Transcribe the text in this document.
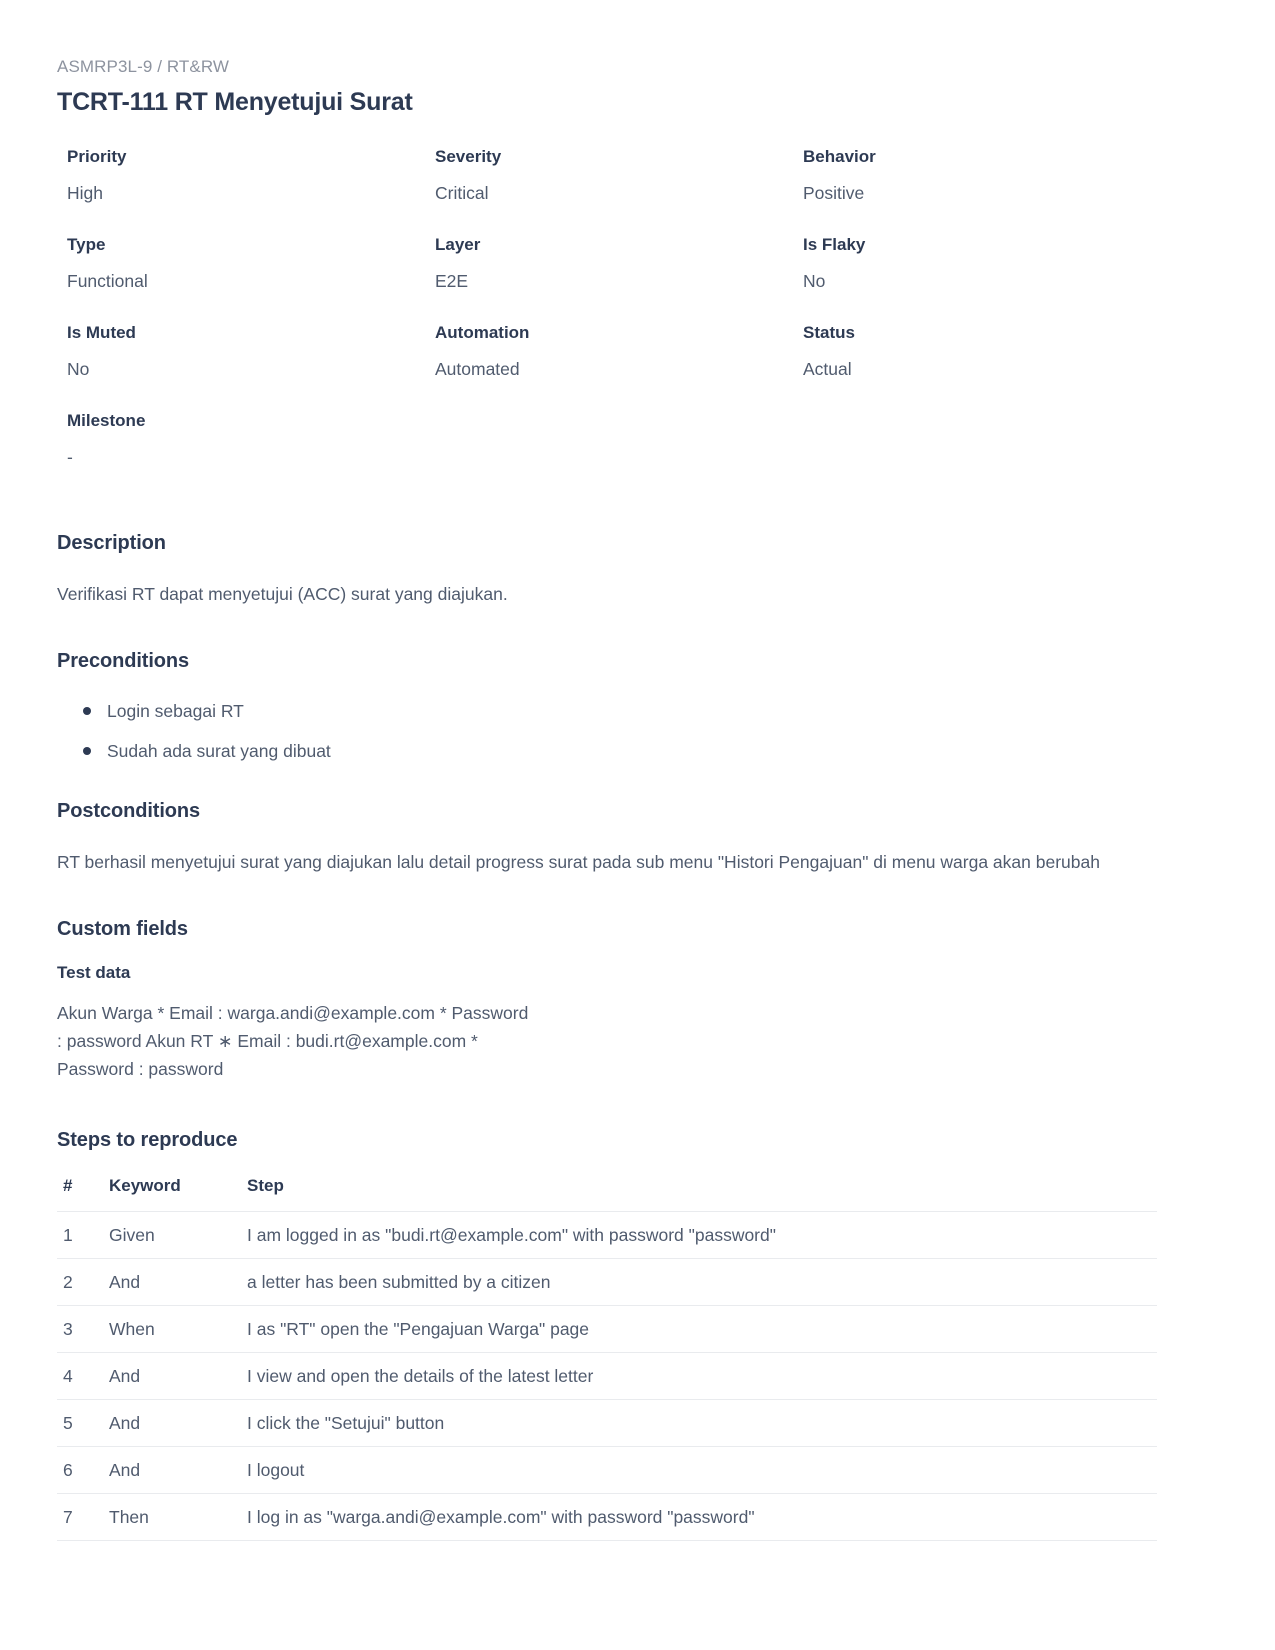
ASMRP3L-9 / RT&RW
TCRT-111 RT Menyetujui Surat
Priority
High
Severity
Critical
Behavior
Positive
Type
Functional
Layer
E2E
Is Flaky
No
Is Muted
No
Automation
Automated
Status
Actual
Milestone
-
Description
Verifikasi RT dapat menyetujui (ACC) surat yang diajukan.
Preconditions
Login sebagai RT
Sudah ada surat yang dibuat
Postconditions
RT berhasil menyetujui surat yang diajukan lalu detail progress surat pada sub menu "Histori Pengajuan" di menu warga akan berubah
Custom fields
Test data
Akun Warga * Email : warga.andi@example.com * Password
: password Akun RT ∗ Email : budi.rt@example.com *
Password : password
Steps to reproduce
#	Keyword	Step
1	Given	I am logged in as "budi.rt@example.com" with password "password"
2	And	a letter has been submitted by a citizen
3	When	I as "RT" open the "Pengajuan Warga" page
4	And	I view and open the details of the latest letter
5	And	I click the "Setujui" button
6	And	I logout
7	Then	I log in as "warga.andi@example.com" with password "password"
